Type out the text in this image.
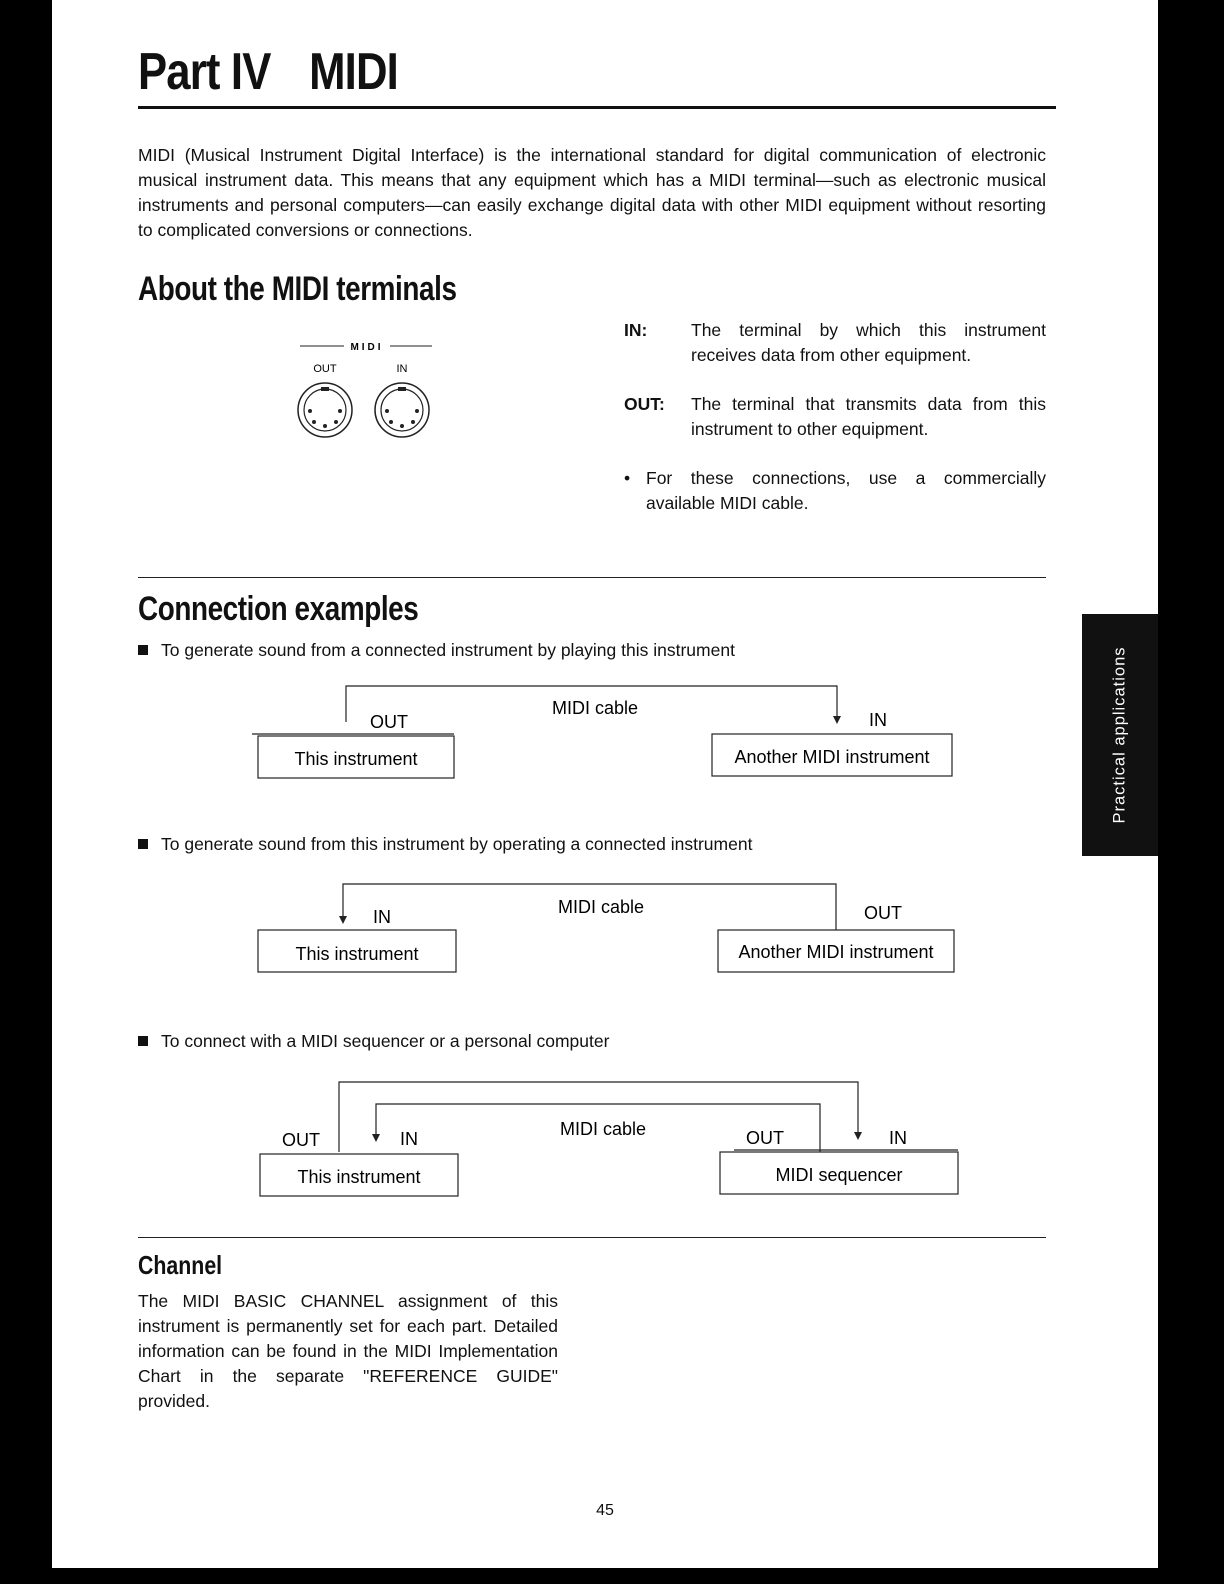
Part IV MIDI
MIDI (Musical Instrument Digital Interface) is the international standard for digital communication of electronic musical instrument data. This means that any equipment which has a MIDI terminal—such as electronic musical instruments and personal computers—can easily exchange digital data with other MIDI equipment without resorting to complicated conversions or connections.
About the MIDI terminals
MIDI
OUT	IN
IN:	The terminal by which this instrument receives data from other equipment.
OUT:	The terminal that transmits data from this instrument to other equipment.
• For these connections, use a commercially available MIDI cable.
Connection examples
To generate sound from a connected instrument by playing this instrument
OUT
MIDI cable
IN
This instrument	Another MIDI instrument
To generate sound from this instrument by operating a connected instrument
IN	MIDI cable	OUT
This instrument	Another MIDI instrument
To connect with a MIDI sequencer or a personal computer
OUT	IN	MIDI cable	OUT	IN
This instrument	MIDI sequencer
Channel
The MIDI BASIC CHANNEL assignment of this instrument is permanently set for each part. Detailed information can be found in the MIDI Implementation Chart in the separate "REFERENCE GUIDE" provided.
45
Practical applications
